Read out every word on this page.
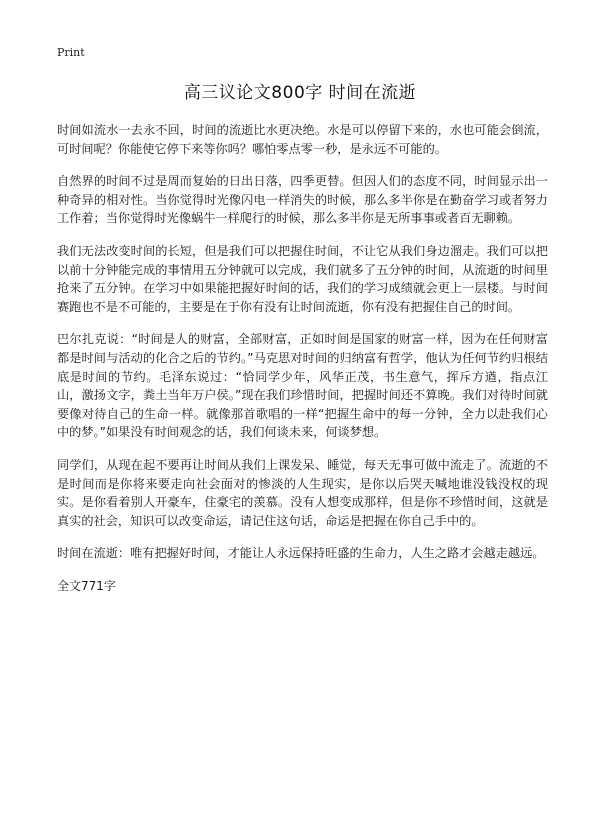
Print
高三议论文800字 时间在流逝

时间如流水一去永不回，时间的流逝比水更决绝。水是可以停留下来的，水也可能会倒流，可时间呢？你能使它停下来等你吗？哪怕零点零一秒，是永远不可能的。

自然界的时间不过是周而复始的日出日落，四季更替。但因人们的态度不同，时间显示出一种奇异的相对性。当你觉得时光像闪电一样消失的时候，那么多半你是在勤奋学习或者努力工作着；当你觉得时光像蜗牛一样爬行的时候，那么多半你是无所事事或者百无聊赖。

我们无法改变时间的长短，但是我们可以把握住时间，不让它从我们身边溜走。我们可以把以前十分钟能完成的事情用五分钟就可以完成，我们就多了五分钟的时间，从流逝的时间里抢来了五分钟。在学习中如果能把握好时间的话，我们的学习成绩就会更上一层楼。与时间赛跑也不是不可能的，主要是在于你有没有让时间流逝，你有没有把握住自己的时间。

巴尔扎克说：“时间是人的财富，全部财富，正如时间是国家的财富一样，因为在任何财富都是时间与活动的化合之后的节约。”马克思对时间的归纳富有哲学，他认为任何节约归根结底是时间的节约。毛泽东说过：“恰同学少年，风华正茂，书生意气，挥斥方遒，指点江山，激扬文字，粪土当年万户侯。”现在我们珍惜时间，把握时间还不算晚。我们对待时间就要像对待自己的生命一样。就像那首歌唱的一样“把握生命中的每一分钟，全力以赴我们心中的梦。”如果没有时间观念的话，我们何谈未来，何谈梦想。

同学们，从现在起不要再让时间从我们上课发呆、睡觉，每天无事可做中流走了。流逝的不是时间而是你将来要走向社会面对的惨淡的人生现实，是你以后哭天喊地谁没钱没权的现实。是你看着别人开豪车，住豪宅的羡慕。没有人想变成那样，但是你不珍惜时间，这就是真实的社会，知识可以改变命运，请记住这句话，命运是把握在你自己手中的。

时间在流逝：唯有把握好时间，才能让人永远保持旺盛的生命力，人生之路才会越走越远。

全文771字
